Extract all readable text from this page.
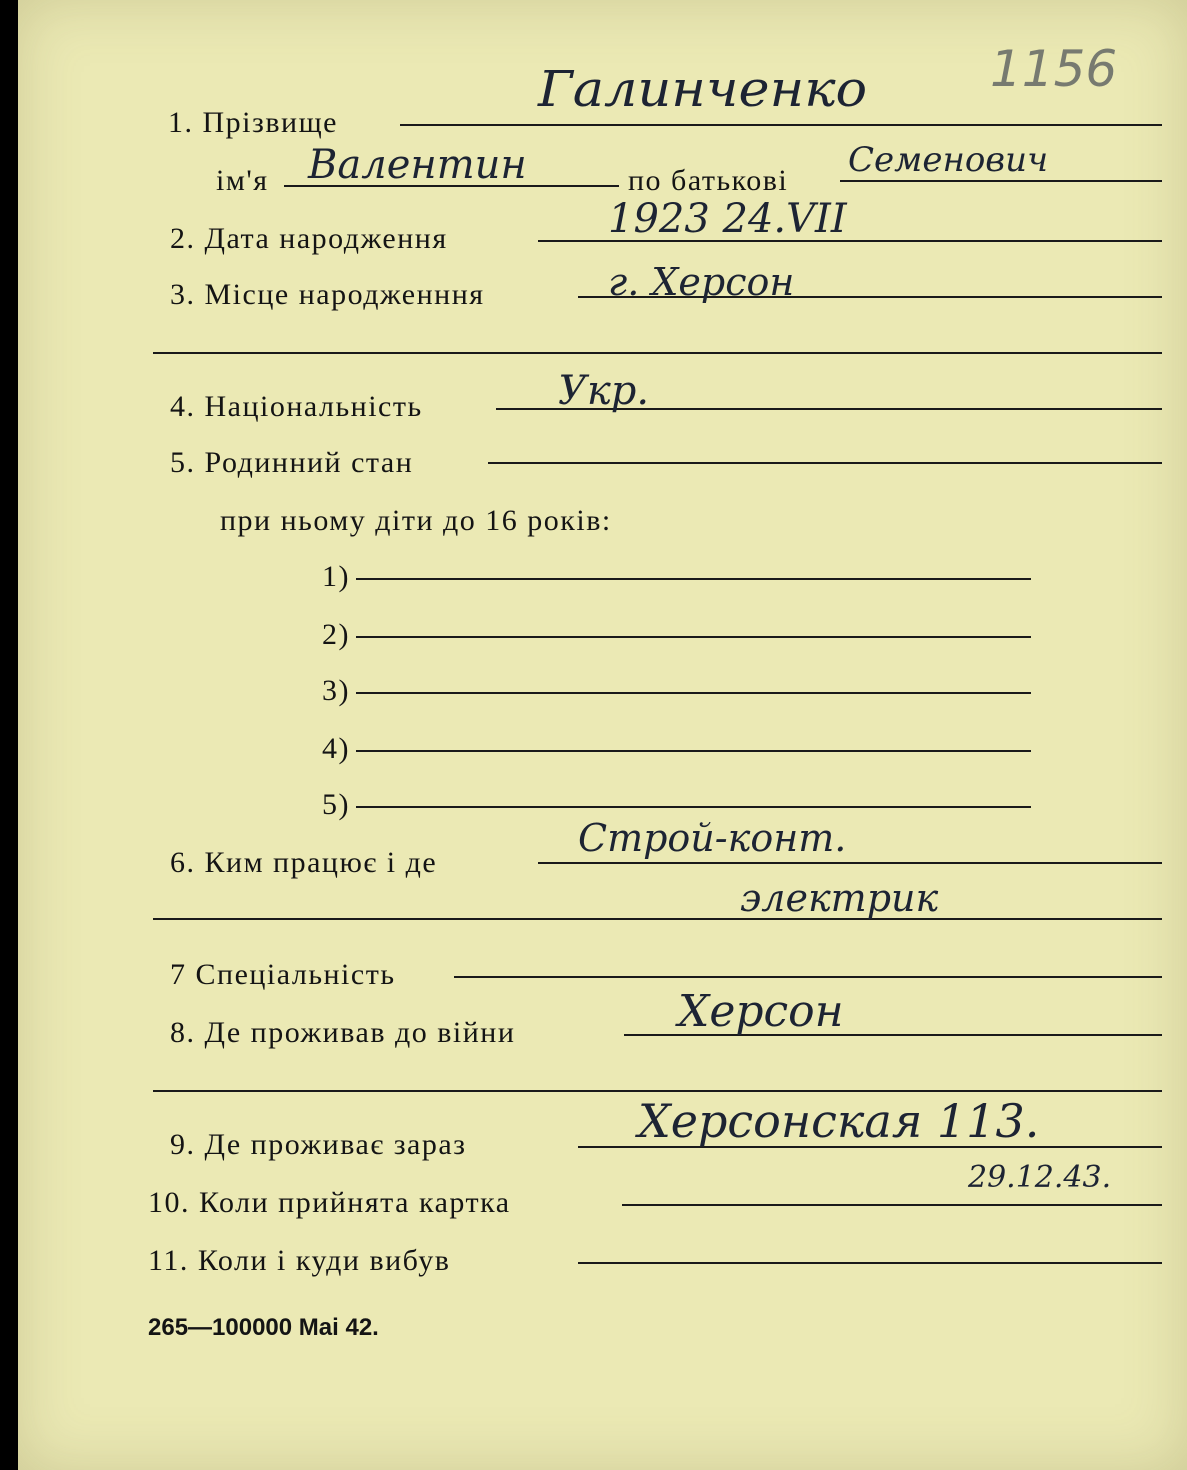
1156
1. Прізвище
Галинченко
ім'я Валентин	по батькові
Семенович
2. Дата народження	1923 24.VII
3. Місце народженння	г. Херсон
4. Національність	Укр.
5. Родинний стан
при ньому діти до 16 років:
1)
2)
3)
4)
5)
6. Ким працює і де
Строй-конт.
электрик
7 Спеціальність
8. Де проживав до війни	Херсон
9. Де проживає зараз	Херсонская 113.
10. Коли прийнята картка
29.12.43.
11. Коли і куди вибув
265—100000 Mai 42.
